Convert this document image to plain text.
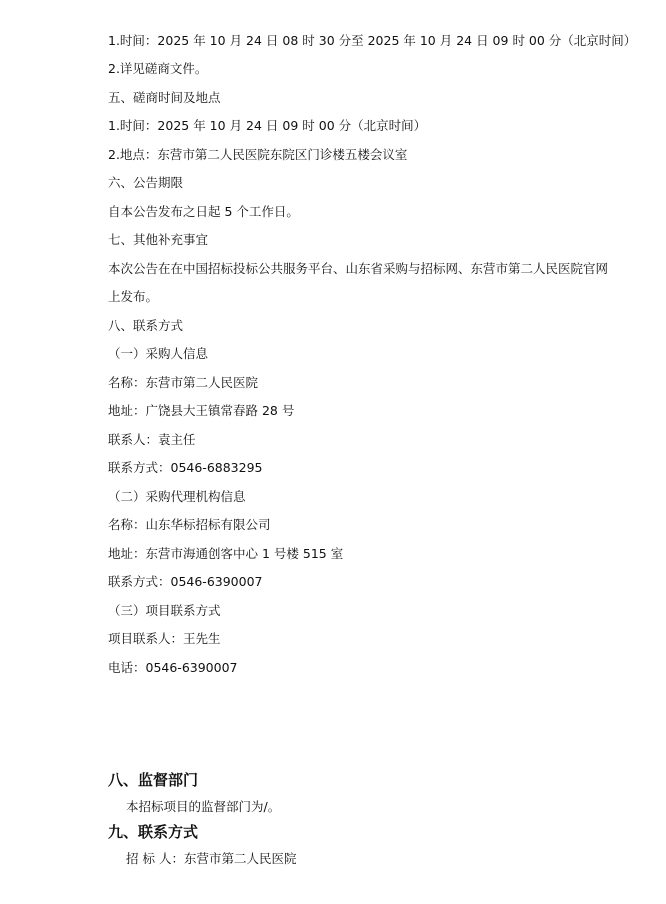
1.时间：2025 年 10 月 24 日 08 时 30 分至 2025 年 10 月 24 日 09 时 00 分（北京时间）
2.详见磋商文件。
五、磋商时间及地点
1.时间：2025 年 10 月 24 日 09 时 00 分（北京时间）
2.地点：东营市第二人民医院东院区门诊楼五楼会议室
六、公告期限
自本公告发布之日起 5 个工作日。
七、其他补充事宜
本次公告在在中国招标投标公共服务平台、山东省采购与招标网、东营市第二人民医院官网
上发布。
八、联系方式
（一）采购人信息
名称：东营市第二人民医院
地址：广饶县大王镇常春路 28 号
联系人：袁主任
联系方式：0546-6883295
（二）采购代理机构信息
名称：山东华标招标有限公司
地址：东营市海通创客中心 1 号楼 515 室
联系方式：0546-6390007
（三）项目联系方式
项目联系人：王先生
电话：0546-6390007
八、监督部门
本招标项目的监督部门为/。
九、联系方式
招 标 人：东营市第二人民医院
